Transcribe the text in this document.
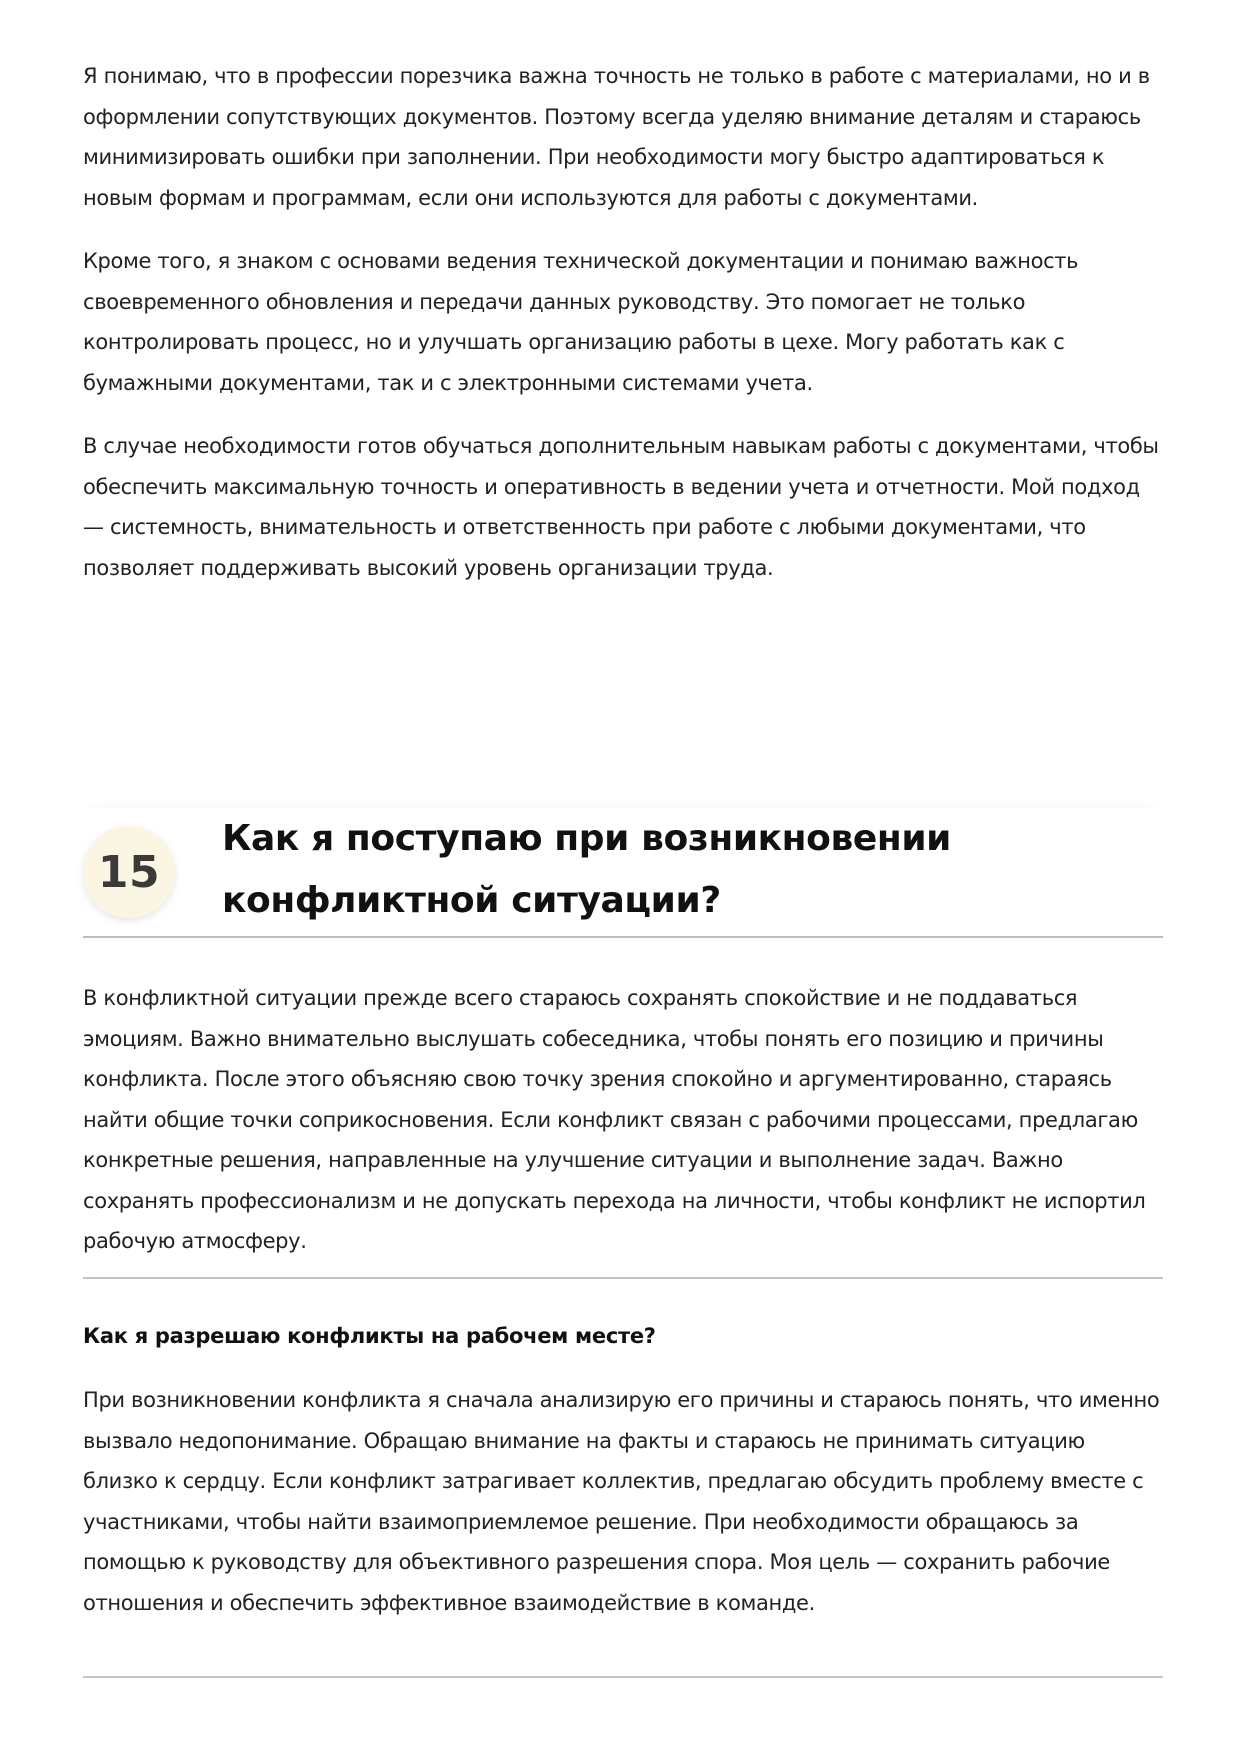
Я понимаю, что в профессии порезчика важна точность не только в работе с материалами, но и в оформлении сопутствующих документов. Поэтому всегда уделяю внимание деталям и стараюсь минимизировать ошибки при заполнении. При необходимости могу быстро адаптироваться к новым формам и программам, если они используются для работы с документами.

Кроме того, я знаком с основами ведения технической документации и понимаю важность своевременного обновления и передачи данных руководству. Это помогает не только контролировать процесс, но и улучшать организацию работы в цехе. Могу работать как с бумажными документами, так и с электронными системами учета.

В случае необходимости готов обучаться дополнительным навыкам работы с документами, чтобы обеспечить максимальную точность и оперативность в ведении учета и отчетности. Мой подход — системность, внимательность и ответственность при работе с любыми документами, что позволяет поддерживать высокий уровень организации труда.

15
Как я поступаю при возникновении конфликтной ситуации?

В конфликтной ситуации прежде всего стараюсь сохранять спокойствие и не поддаваться эмоциям. Важно внимательно выслушать собеседника, чтобы понять его позицию и причины конфликта. После этого объясняю свою точку зрения спокойно и аргументированно, стараясь найти общие точки соприкосновения. Если конфликт связан с рабочими процессами, предлагаю конкретные решения, направленные на улучшение ситуации и выполнение задач. Важно сохранять профессионализм и не допускать перехода на личности, чтобы конфликт не испортил рабочую атмосферу.

Как я разрешаю конфликты на рабочем месте?

При возникновении конфликта я сначала анализирую его причины и стараюсь понять, что именно вызвало недопонимание. Обращаю внимание на факты и стараюсь не принимать ситуацию близко к сердцу. Если конфликт затрагивает коллектив, предлагаю обсудить проблему вместе с участниками, чтобы найти взаимоприемлемое решение. При необходимости обращаюсь за помощью к руководству для объективного разрешения спора. Моя цель — сохранить рабочие отношения и обеспечить эффективное взаимодействие в команде.
